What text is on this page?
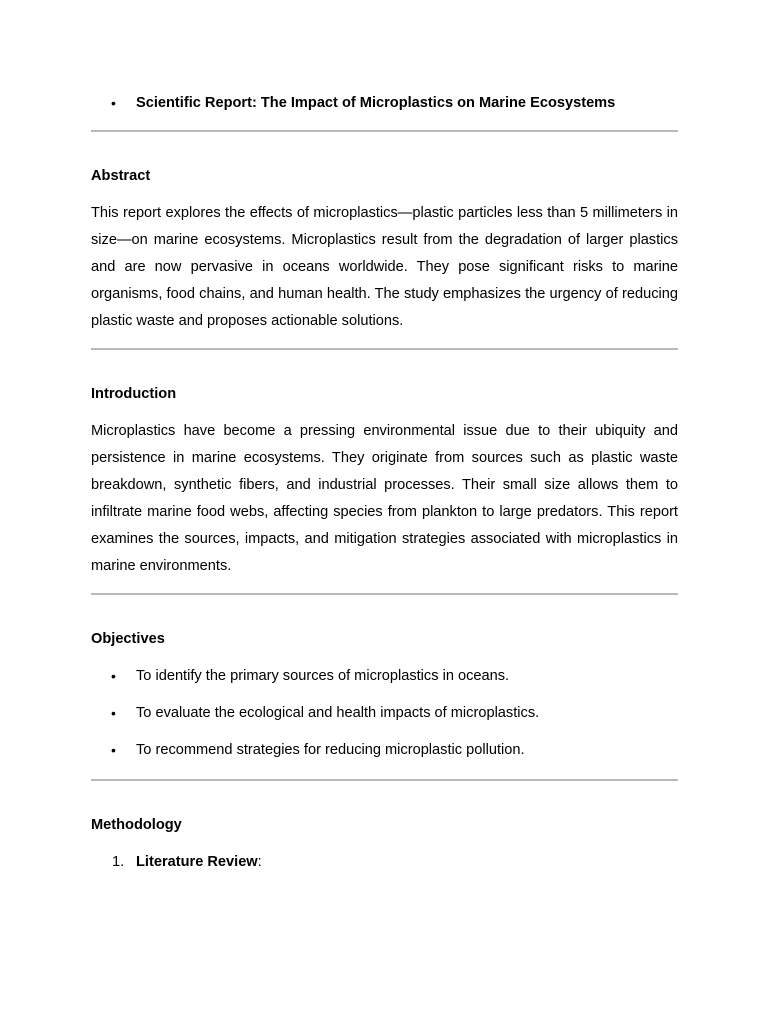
• Scientific Report: The Impact of Microplastics on Marine Ecosystems
Abstract

This report explores the effects of microplastics—plastic particles less than 5 millimeters in size—on marine ecosystems. Microplastics result from the degradation of larger plastics and are now pervasive in oceans worldwide. They pose significant risks to marine organisms, food chains, and human health. The study emphasizes the urgency of reducing plastic waste and proposes actionable solutions.

Introduction

Microplastics have become a pressing environmental issue due to their ubiquity and persistence in marine ecosystems. They originate from sources such as plastic waste breakdown, synthetic fibers, and industrial processes. Their small size allows them to infiltrate marine food webs, affecting species from plankton to large predators. This report examines the sources, impacts, and mitigation strategies associated with microplastics in marine environments.

Objectives
• To identify the primary sources of microplastics in oceans.
• To evaluate the ecological and health impacts of microplastics.
• To recommend strategies for reducing microplastic pollution.
Methodology
1. Literature Review:
